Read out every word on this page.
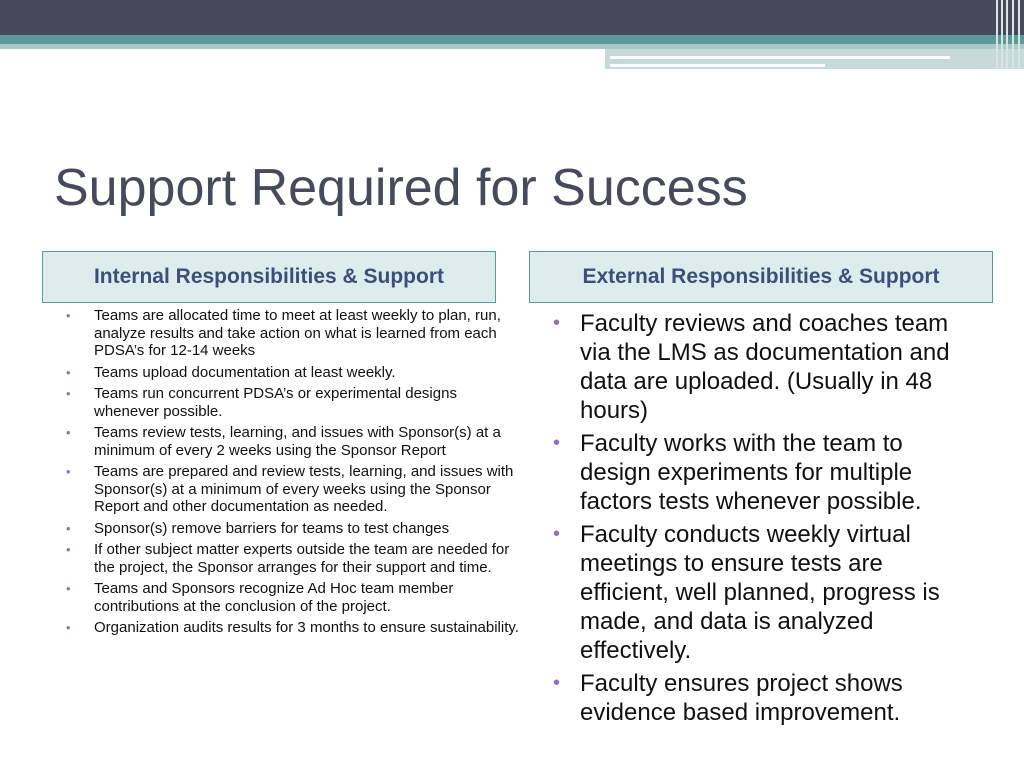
Support Required for Success
Internal Responsibilities & Support	External Responsibilities & Support
• Teams are allocated time to meet at least weekly to plan, run, analyze results and take action on what is learned from each PDSA’s for 12-14 weeks
• Teams upload documentation at least weekly.
• Teams run concurrent PDSA’s or experimental designs whenever possible.
• Teams review tests, learning, and issues with Sponsor(s) at a minimum of every 2 weeks using the Sponsor Report
• Teams are prepared and review tests, learning, and issues with Sponsor(s) at a minimum of every weeks using the Sponsor Report and other documentation as needed.
• Sponsor(s) remove barriers for teams to test changes
• If other subject matter experts outside the team are needed for the project, the Sponsor arranges for their support and time.
• Teams and Sponsors recognize Ad Hoc team member contributions at the conclusion of the project.
• Organization audits results for 3 months to ensure sustainability.
• Faculty reviews and coaches team via the LMS as documentation and data are uploaded. (Usually in 48 hours)
• Faculty works with the team to design experiments for multiple factors tests whenever possible.
• Faculty conducts weekly virtual meetings to ensure tests are efficient, well planned, progress is made, and data is analyzed effectively.
• Faculty ensures project shows evidence based improvement.
